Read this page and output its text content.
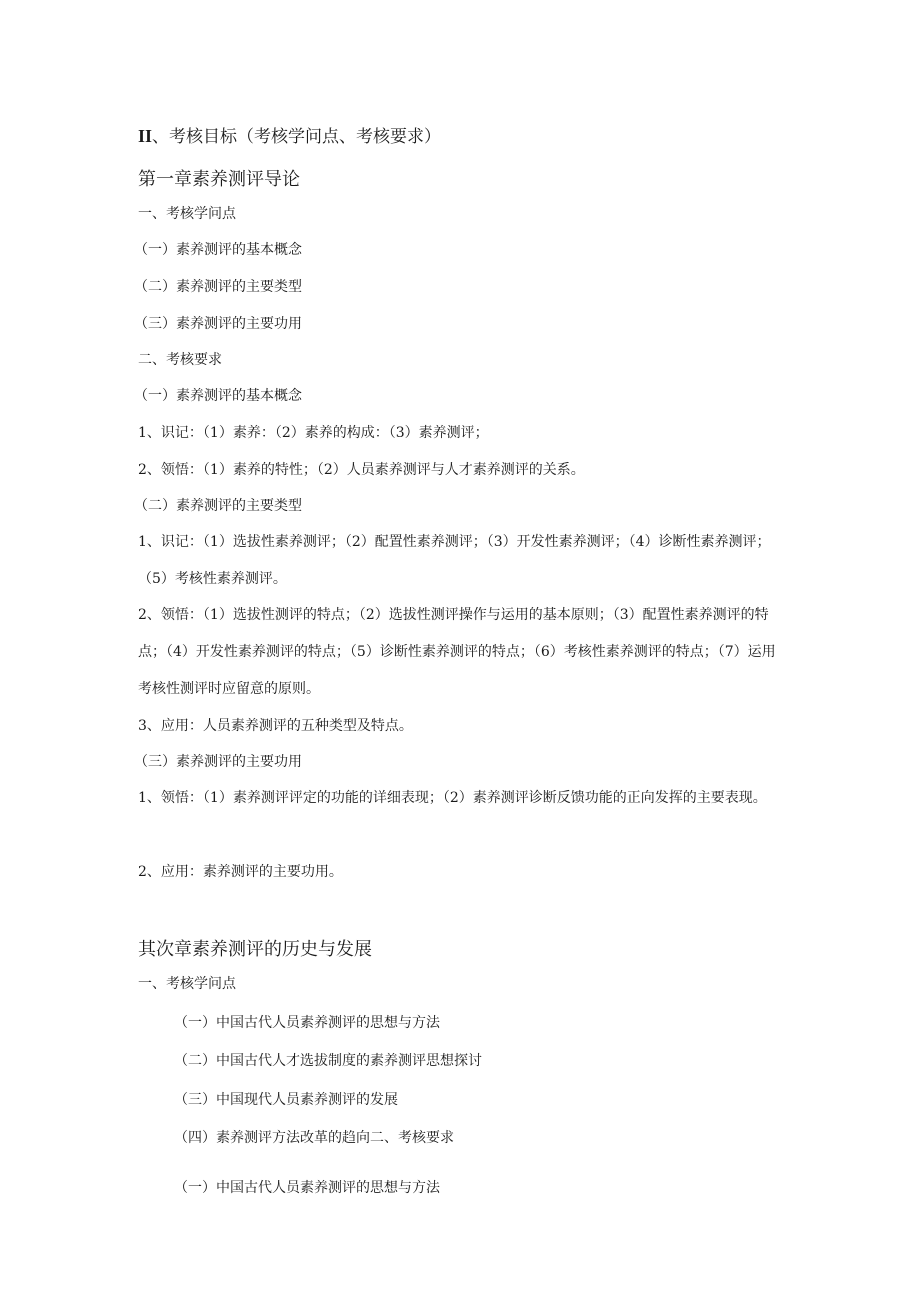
II、考核目标（考核学问点、考核要求）
第一章素养测评导论
一、考核学问点
（一）素养测评的基本概念
（二）素养测评的主要类型
（三）素养测评的主要功用
二、考核要求
（一）素养测评的基本概念
1、识记：（1）素养：（2）素养的构成：（3）素养测评；
2、领悟：（1）素养的特性；（2）人员素养测评与人才素养测评的关系。
（二）素养测评的主要类型
1、识记：（1）选拔性素养测评；（2）配置性素养测评；（3）开发性素养测评；（4）诊断性素养测评；（5）考核性素养测评。
2、领悟：（1）选拔性测评的特点；（2）选拔性测评操作与运用的基本原则；（3）配置性素养测评的特点；（4）开发性素养测评的特点；（5）诊断性素养测评的特点；（6）考核性素养测评的特点；（7）运用考核性测评时应留意的原则。
3、应用：人员素养测评的五种类型及特点。
（三）素养测评的主要功用
1、领悟：（1）素养测评评定的功能的详细表现；（2）素养测评诊断反馈功能的正向发挥的主要表现。
2、应用：素养测评的主要功用。
其次章素养测评的历史与发展
一、考核学问点
（一）中国古代人员素养测评的思想与方法
（二）中国古代人才选拔制度的素养测评思想探讨
（三）中国现代人员素养测评的发展
（四）素养测评方法改革的趋向二、考核要求
（一）中国古代人员素养测评的思想与方法
